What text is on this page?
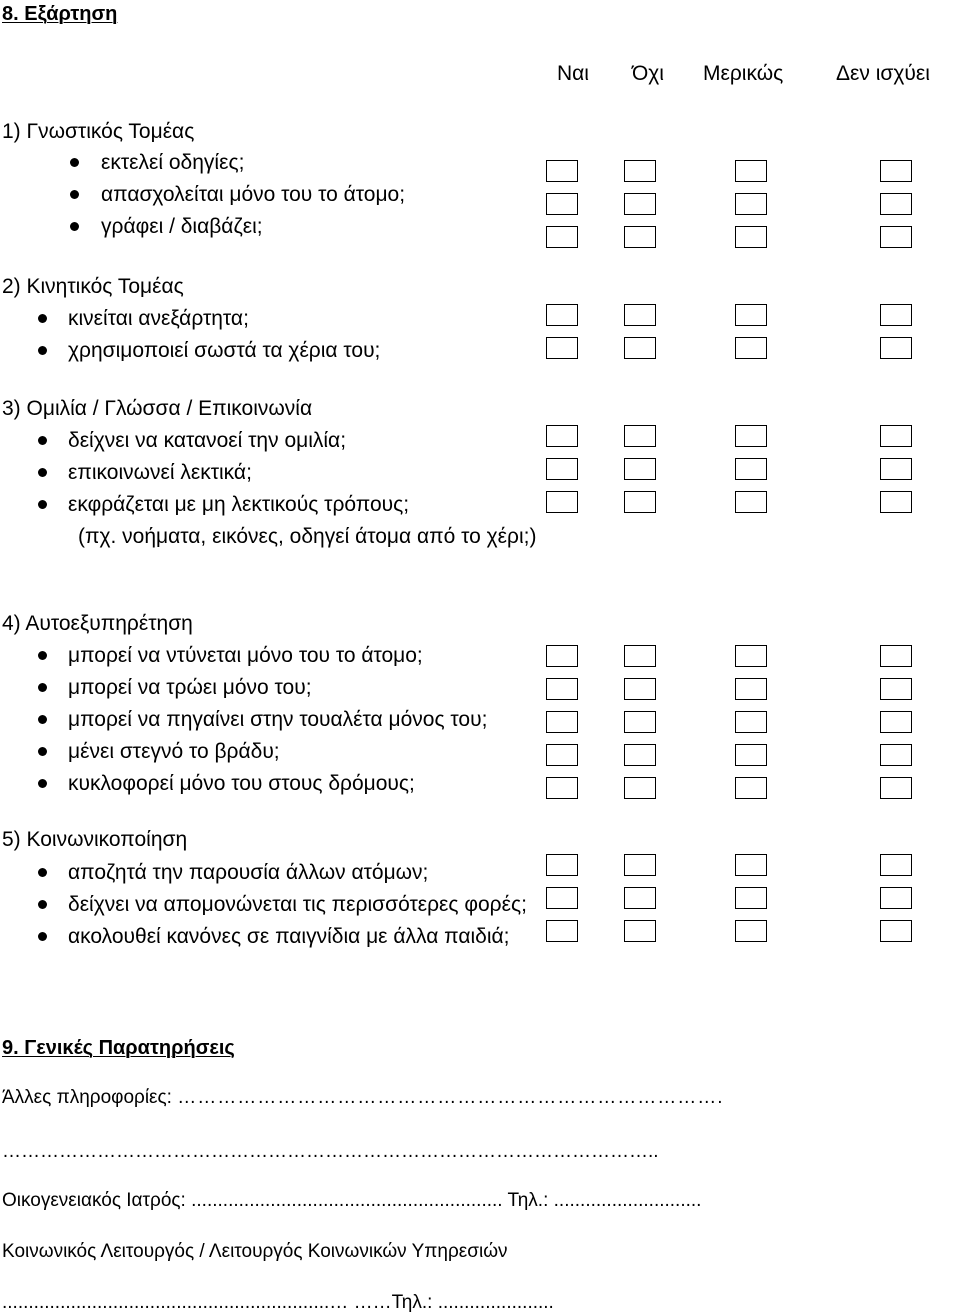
8. Εξάρτηση
Ναι Όχι Μερικώς	Δεν ισχύει
1) Γνωστικός Τομέας
εκτελεί οδηγίες;
απασχολείται μόνο του το άτομο;
γράφει / διαβάζει;
2) Κινητικός Τομέας
κινείται ανεξάρτητα;
χρησιμοποιεί σωστά τα χέρια του;
3) Ομιλία / Γλώσσα / Επικοινωνία
δείχνει να κατανοεί την ομιλία;
επικοινωνεί λεκτικά;
εκφράζεται με μη λεκτικούς τρόπους;
(πχ. νοήματα, εικόνες, οδηγεί άτομα από το χέρι;)
4) Αυτοεξυπηρέτηση
μπορεί να ντύνεται μόνο του το άτομο;
μπορεί να τρώει μόνο του;
μπορεί να πηγαίνει στην τουαλέτα μόνος του;
μένει στεγνό το βράδυ;
κυκλοφορεί μόνο του στους δρόμους;
5) Κοινωνικοποίηση
αποζητά την παρουσία άλλων ατόμων;
δείχνει να απομονώνεται τις περισσότερες φορές;
ακολουθεί κανόνες σε παιγνίδια με άλλα παιδιά;
9. Γενικές Παρατηρήσεις
Άλλες πληροφορίες: ……………………………………………………………………….
…………………………………………………………………………………………..
Οικογενειακός Ιατρός: ........................................................... Τηλ.: ............................
Κοινωνικός Λειτουργός / Λειτουργός Κοινωνικών Υπηρεσιών
..............................................................… ……Τηλ.: ......................
